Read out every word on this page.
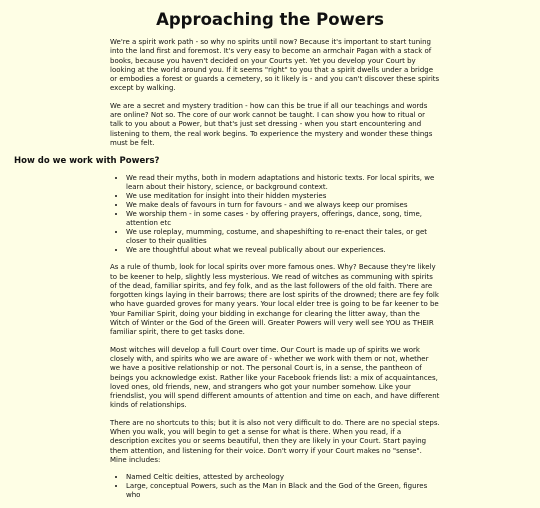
Approaching the Powers

We're a spirit work path - so why no spirits until now? Because it's important to start tuning into the land first and foremost. It's very easy to become an armchair Pagan with a stack of books, because you haven't decided on your Courts yet. Yet you develop your Court by looking at the world around you. If it seems "right" to you that a spirit dwells under a bridge or embodies a forest or guards a cemetery, so it likely is - and you can't discover these spirits except by walking.

We are a secret and mystery tradition - how can this be true if all our teachings and words are online? Not so. The core of our work cannot be taught. I can show you how to ritual or talk to you about a Power, but that's just set dressing - when you start encountering and listening to them, the real work begins. To experience the mystery and wonder these things must be felt.

How do we work with Powers?
• We read their myths, both in modern adaptations and historic texts. For local spirits, we learn about their history, science, or background context.
• We use meditation for insight into their hidden mysteries
• We make deals of favours in turn for favours - and we always keep our promises
• We worship them - in some cases - by offering prayers, offerings, dance, song, time, attention etc
• We use roleplay, mumming, costume, and shapeshifting to re-enact their tales, or get closer to their qualities
• We are thoughtful about what we reveal publically about our experiences.

As a rule of thumb, look for local spirits over more famous ones. Why? Because they're likely to be keener to help, slightly less mysterious. We read of witches as communing with spirits of the dead, familiar spirits, and fey folk, and as the last followers of the old faith. There are forgotten kings laying in their barrows; there are lost spirits of the drowned; there are fey folk who have guarded groves for many years. Your local elder tree is going to be far keener to be Your Familiar Spirit, doing your bidding in exchange for clearing the litter away, than the Witch of Winter or the God of the Green will. Greater Powers will very well see YOU as THEIR familiar spirit, there to get tasks done.

Most witches will develop a full Court over time. Our Court is made up of spirits we work closely with, and spirits who we are aware of - whether we work with them or not, whether we have a positive relationship or not. The personal Court is, in a sense, the pantheon of beings you acknowledge exist. Rather like your Facebook friends list: a mix of acquaintances, loved ones, old friends, new, and strangers who got your number somehow. Like your friendslist, you will spend different amounts of attention and time on each, and have different kinds of relationships.

There are no shortcuts to this; but it is also not very difficult to do. There are no special steps. When you walk, you will begin to get a sense for what is there. When you read, if a description excites you or seems beautiful, then they are likely in your Court. Start paying them attention, and listening for their voice. Don't worry if your Court makes no "sense". Mine includes:

• Named Celtic deities, attested by archeology
• Large, conceptual Powers, such as the Man in Black and the God of the Green, figures who
